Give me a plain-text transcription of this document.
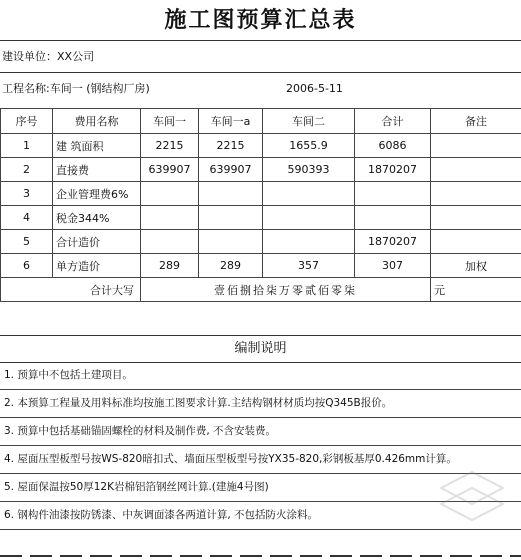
施工图预算汇总表
建设单位：XX公司
工程名称:车间一 (钢结构厂房)	2006-5-11
序号	费用名称	车间一	车间一a	车间二	合计	备注
1	建 筑面积	2215	2215	1655.9	6086	
2	直接费	639907	639907	590393	1870207	
3	企业管理费6%					
4	税金344%					
5	合计造价				1870207	
6	单方造价	289	289	357	307	加权
合计大写		壹佰捌拾柒万零贰佰零柒				元
编制说明
1. 预算中不包括土建项目。
2. 本预算工程量及用料标准均按施工图要求计算.主结构钢材材质均按Q345B报价。
3. 预算中包括基础锚固螺栓的材料及制作费, 不含安装费。
4. 屋面压型板型号按WS-820暗扣式、墙面压型板型号按YX35-820,彩钢板基厚0.426mm计算。
5. 屋面保温按50厚12K岩棉铝箔钢丝网计算.(建施4号图)
6. 钢构件油漆按防锈漆、中灰调面漆各两道计算, 不包括防火涂料。
